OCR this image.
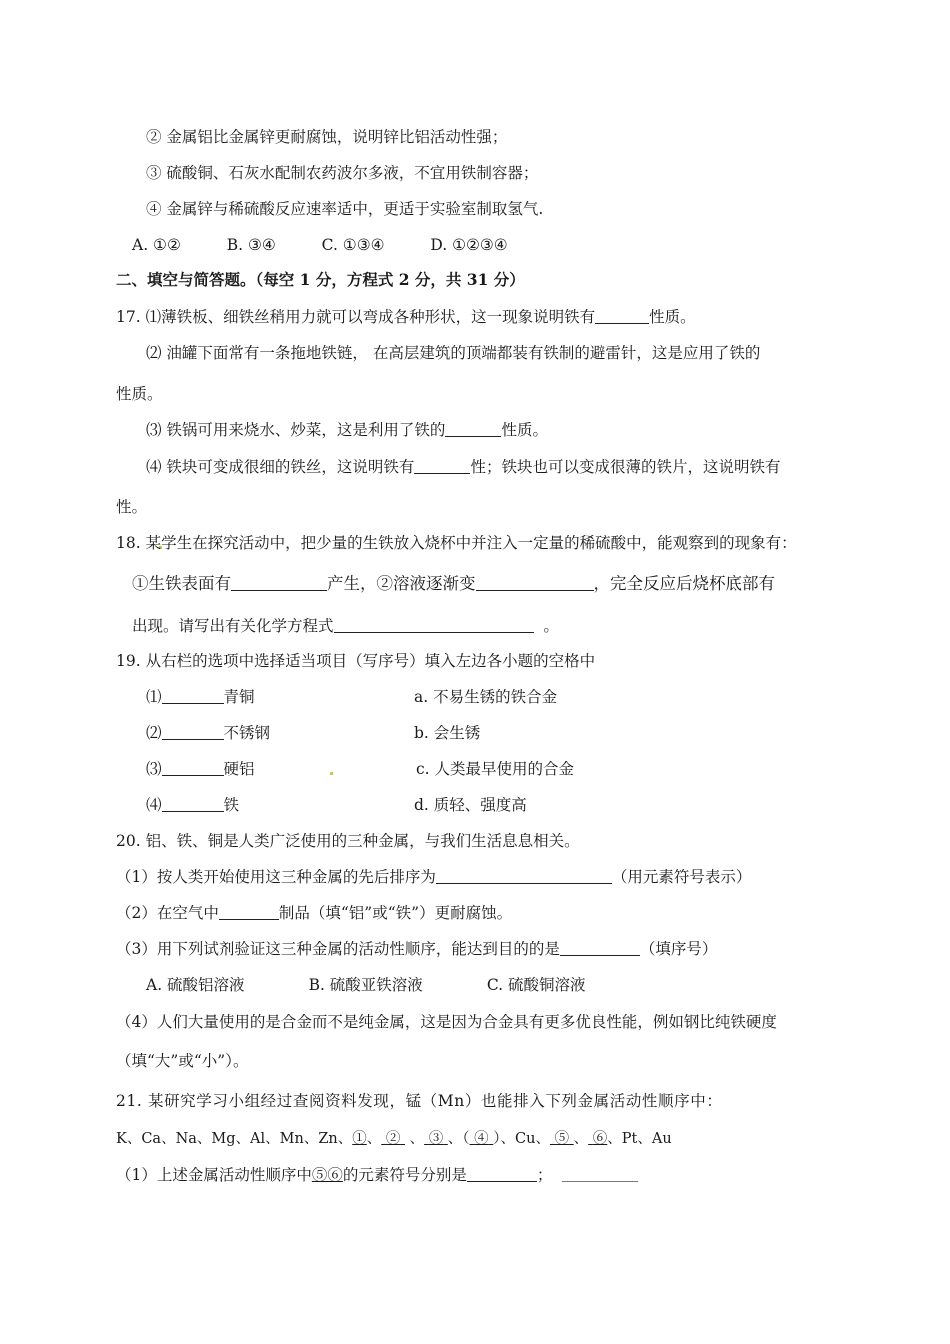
② 金属铝比金属锌更耐腐蚀，说明锌比铝活动性强；
③ 硫酸铜、石灰水配制农药波尔多液，不宜用铁制容器；
④ 金属锌与稀硫酸反应速率适中，更适于实验室制取氢气.
A. ①②	B. ③④	C. ①③④	D. ①②③④
二、填空与简答题。（每空 1 分，方程式 2 分，共 31 分）
17. ⑴薄铁板、细铁丝稍用力就可以弯成各种形状，这一现象说明铁有	性质。
⑵ 油罐下面常有一条拖地铁链， 在高层建筑的顶端都装有铁制的避雷针，这是应用了铁的
性质。
⑶ 铁锅可用来烧水、炒菜，这是利用了铁的	性质。
⑷ 铁块可变成很细的铁丝，这说明铁有	性；铁块也可以变成很薄的铁片，这说明铁有
性。
18. 某学生在探究活动中，把少量的生铁放入烧杯中并注入一定量的稀硫酸中，能观察到的现象有：
①生铁表面有	产生，②溶液逐渐变	，完全反应后烧杯底部有
出现。请写出有关化学方程式	。
19. 从右栏的选项中选择适当项目（写序号）填入左边各小题的空格中
⑴	青铜	a. 不易生锈的铁合金
⑵	不锈钢	b. 会生锈
⑶	硬铝	c. 人类最早使用的合金
⑷	铁	d. 质轻、强度高
20. 铝、铁、铜是人类广泛使用的三种金属，与我们生活息息相关。
（1）按人类开始使用这三种金属的先后排序为	（用元素符号表示）
（2）在空气中	制品（填“铝”或“铁”）更耐腐蚀。
（3）用下列试剂验证这三种金属的活动性顺序，能达到目的的是	（填序号）
A. 硫酸铝溶液	B. 硫酸亚铁溶液	C. 硫酸铜溶液
（4）人们大量使用的是合金而不是纯金属，这是因为合金具有更多优良性能，例如钢比纯铁硬度
（填“大”或“小”）。
21. 某研究学习小组经过查阅资料发现，锰（Mn）也能排入下列金属活动性顺序中：
K、Ca、Na、Mg、Al、Mn、Zn、①、 ② 、 ③ 、（ ④ ）、Cu、 ⑤ 、 ⑥、Pt、Au
（1）上述金属活动性顺序中⑤⑥的元素符号分别是	；
